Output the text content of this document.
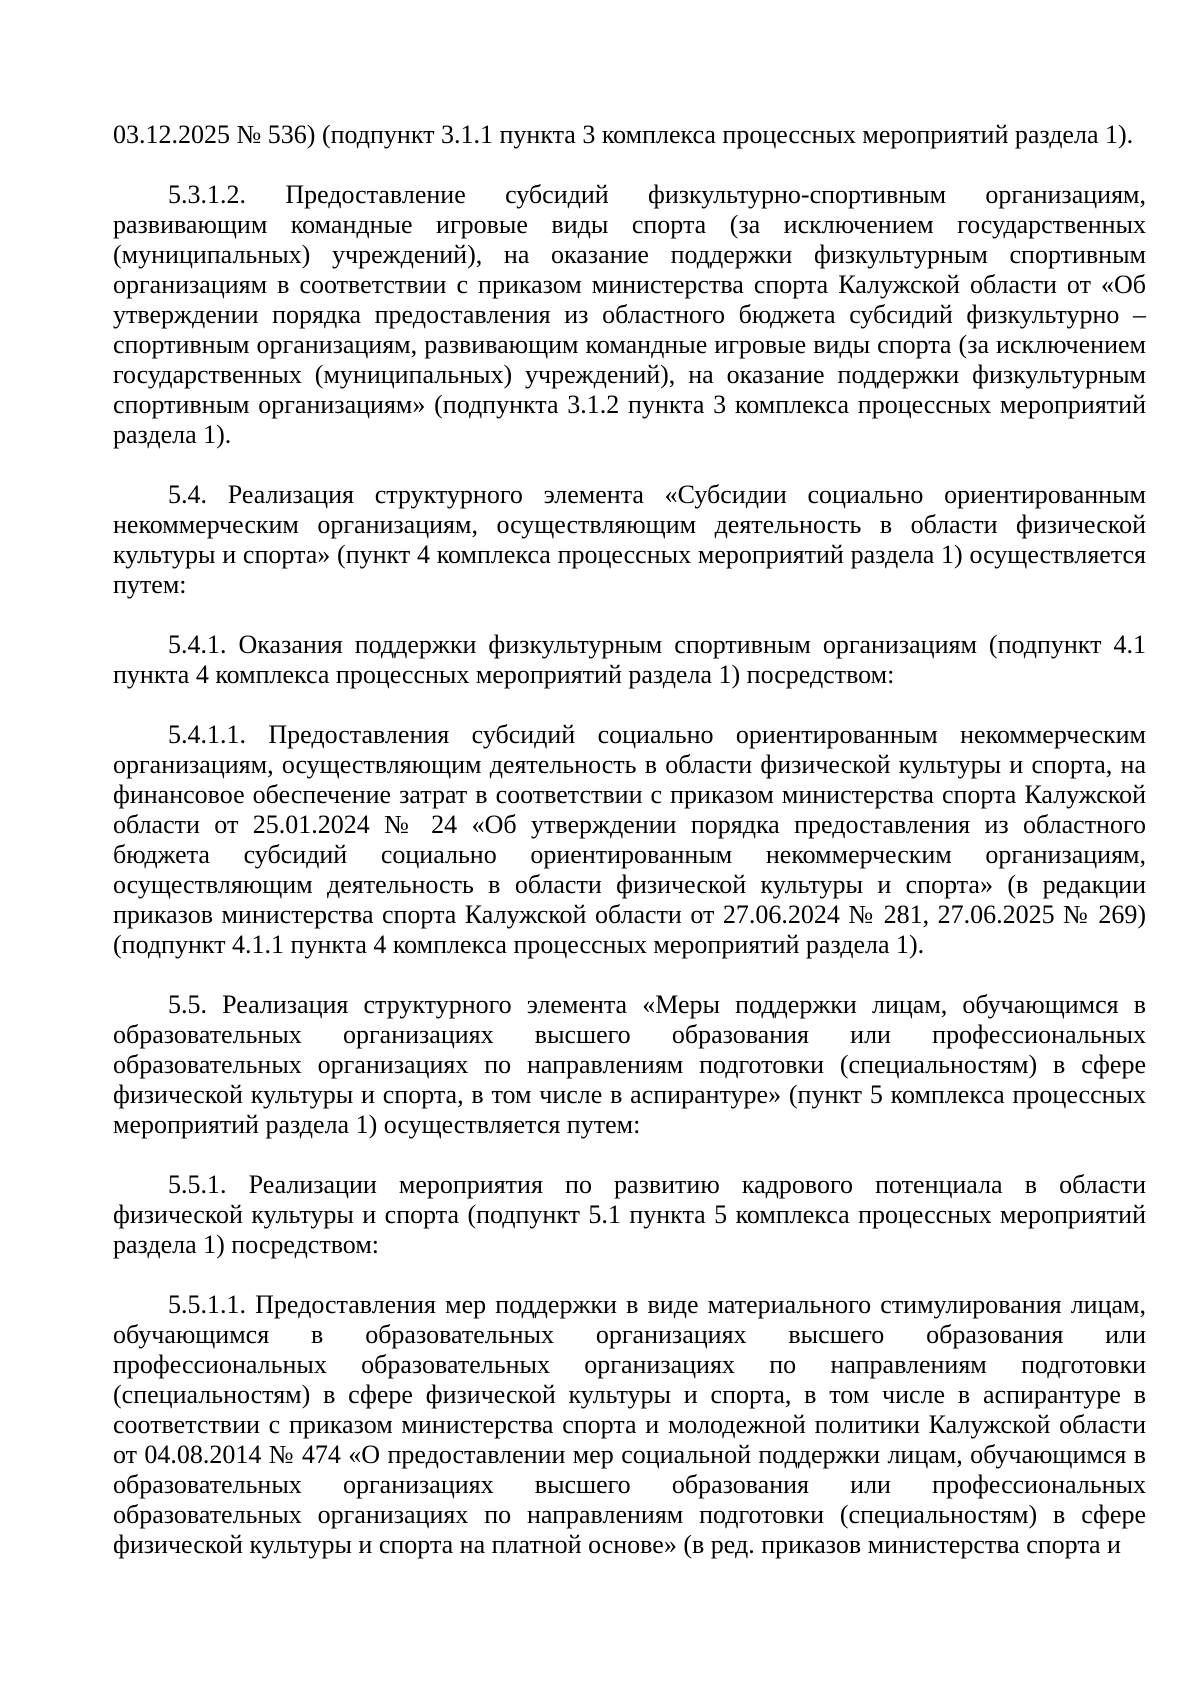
03.12.2025 № 536) (подпункт 3.1.1 пункта 3 комплекса процессных мероприятий раздела 1).

5.3.1.2. Предоставление субсидий физкультурно-спортивным организациям, развивающим командные игровые виды спорта (за исключением государственных (муниципальных) учреждений), на оказание поддержки физкультурным спортивным организациям в соответствии с приказом министерства спорта Калужской области от «Об утверждении порядка предоставления из областного бюджета субсидий физкультурно – спортивным организациям, развивающим командные игровые виды спорта (за исключением государственных (муниципальных) учреждений), на оказание поддержки физкультурным спортивным организациям» (подпункта 3.1.2 пункта 3 комплекса процессных мероприятий раздела 1).

5.4. Реализация структурного элемента «Субсидии социально ориентированным некоммерческим организациям, осуществляющим деятельность в области физической культуры и спорта» (пункт 4 комплекса процессных мероприятий раздела 1) осуществляется путем:

5.4.1. Оказания поддержки физкультурным спортивным организациям (подпункт 4.1 пункта 4 комплекса процессных мероприятий раздела 1) посредством:

5.4.1.1. Предоставления субсидий социально ориентированным некоммерческим организациям, осуществляющим деятельность в области физической культуры и спорта, на финансовое обеспечение затрат в соответствии с приказом министерства спорта Калужской области от 25.01.2024 № 24 «Об утверждении порядка предоставления из областного бюджета субсидий социально ориентированным некоммерческим организациям, осуществляющим деятельность в области физической культуры и спорта» (в редакции приказов министерства спорта Калужской области от 27.06.2024 № 281, 27.06.2025 № 269) (подпункт 4.1.1 пункта 4 комплекса процессных мероприятий раздела 1).

5.5. Реализация структурного элемента «Меры поддержки лицам, обучающимся в образовательных организациях высшего образования или профессиональных образовательных организациях по направлениям подготовки (специальностям) в сфере физической культуры и спорта, в том числе в аспирантуре» (пункт 5 комплекса процессных мероприятий раздела 1) осуществляется путем:

5.5.1. Реализации мероприятия по развитию кадрового потенциала в области физической культуры и спорта (подпункт 5.1 пункта 5 комплекса процессных мероприятий раздела 1) посредством:

5.5.1.1. Предоставления мер поддержки в виде материального стимулирования лицам, обучающимся в образовательных организациях высшего образования или профессиональных образовательных организациях по направлениям подготовки (специальностям) в сфере физической культуры и спорта, в том числе в аспирантуре в соответствии с приказом министерства спорта и молодежной политики Калужской области от 04.08.2014 № 474 «О предоставлении мер социальной поддержки лицам, обучающимся в образовательных организациях высшего образования или профессиональных образовательных организациях по направлениям подготовки (специальностям) в сфере физической культуры и спорта на платной основе» (в ред. приказов министерства спорта и
